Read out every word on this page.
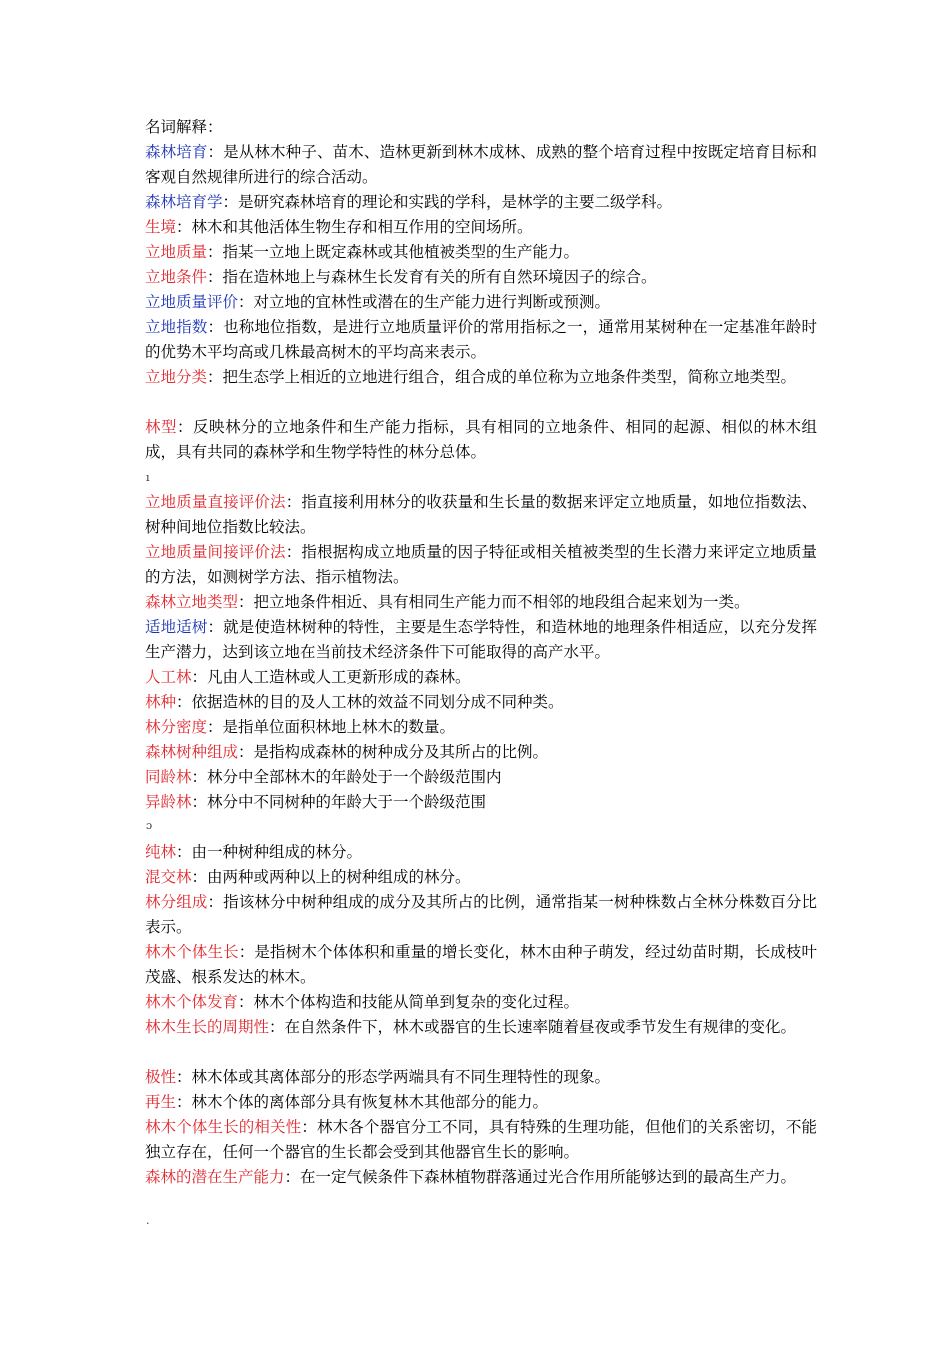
名词解释：
森林培育：是从林木种子、苗木、造林更新到林木成林、成熟的整个培育过程中按既定培育目标和客观自然规律所进行的综合活动。
森林培育学：是研究森林培育的理论和实践的学科，是林学的主要二级学科。
生境：林木和其他活体生物生存和相互作用的空间场所。
立地质量：指某一立地上既定森林或其他植被类型的生产能力。
立地条件：指在造林地上与森林生长发育有关的所有自然环境因子的综合。
立地质量评价：对立地的宜林性或潜在的生产能力进行判断或预测。
立地指数：也称地位指数，是进行立地质量评价的常用指标之一，通常用某树种在一定基准年龄时的优势木平均高或几株最高树木的平均高来表示。
立地分类：把生态学上相近的立地进行组合，组合成的单位称为立地条件类型，简称立地类型。
林型：反映林分的立地条件和生产能力指标，具有相同的立地条件、相同的起源、相似的林木组成，具有共同的森林学和生物学特性的林分总体。
立地质量直接评价法：指直接利用林分的收获量和生长量的数据来评定立地质量，如地位指数法、树种间地位指数比较法。
立地质量间接评价法：指根据构成立地质量的因子特征或相关植被类型的生长潜力来评定立地质量的方法，如测树学方法、指示植物法。
森林立地类型：把立地条件相近、具有相同生产能力而不相邻的地段组合起来划为一类。
适地适树：就是使造林树种的特性，主要是生态学特性，和造林地的地理条件相适应，以充分发挥生产潜力，达到该立地在当前技术经济条件下可能取得的高产水平。
人工林：凡由人工造林或人工更新形成的森林。
林种：依据造林的目的及人工林的效益不同划分成不同种类。
林分密度：是指单位面积林地上林木的数量。
森林树种组成：是指构成森林的树种成分及其所占的比例。
同龄林：林分中全部林木的年龄处于一个龄级范围内
异龄林：林分中不同树种的年龄大于一个龄级范围
纯林：由一种树种组成的林分。
混交林：由两种或两种以上的树种组成的林分。
林分组成：指该林分中树种组成的成分及其所占的比例，通常指某一树种株数占全林分株数百分比表示。
林木个体生长：是指树木个体体积和重量的增长变化，林木由种子萌发，经过幼苗时期，长成枝叶茂盛、根系发达的林木。
林木个体发育：林木个体构造和技能从简单到复杂的变化过程。
林木生长的周期性：在自然条件下，林木或器官的生长速率随着昼夜或季节发生有规律的变化。
极性：林木体或其离体部分的形态学两端具有不同生理特性的现象。
再生：林木个体的离体部分具有恢复林木其他部分的能力。
林木个体生长的相关性：林木各个器官分工不同，具有特殊的生理功能，但他们的关系密切，不能独立存在，任何一个器官的生长都会受到其他器官生长的影响。
森林的潜在生产能力：在一定气候条件下森林植物群落通过光合作用所能够达到的最高生产力。
ı
ɔ
·
